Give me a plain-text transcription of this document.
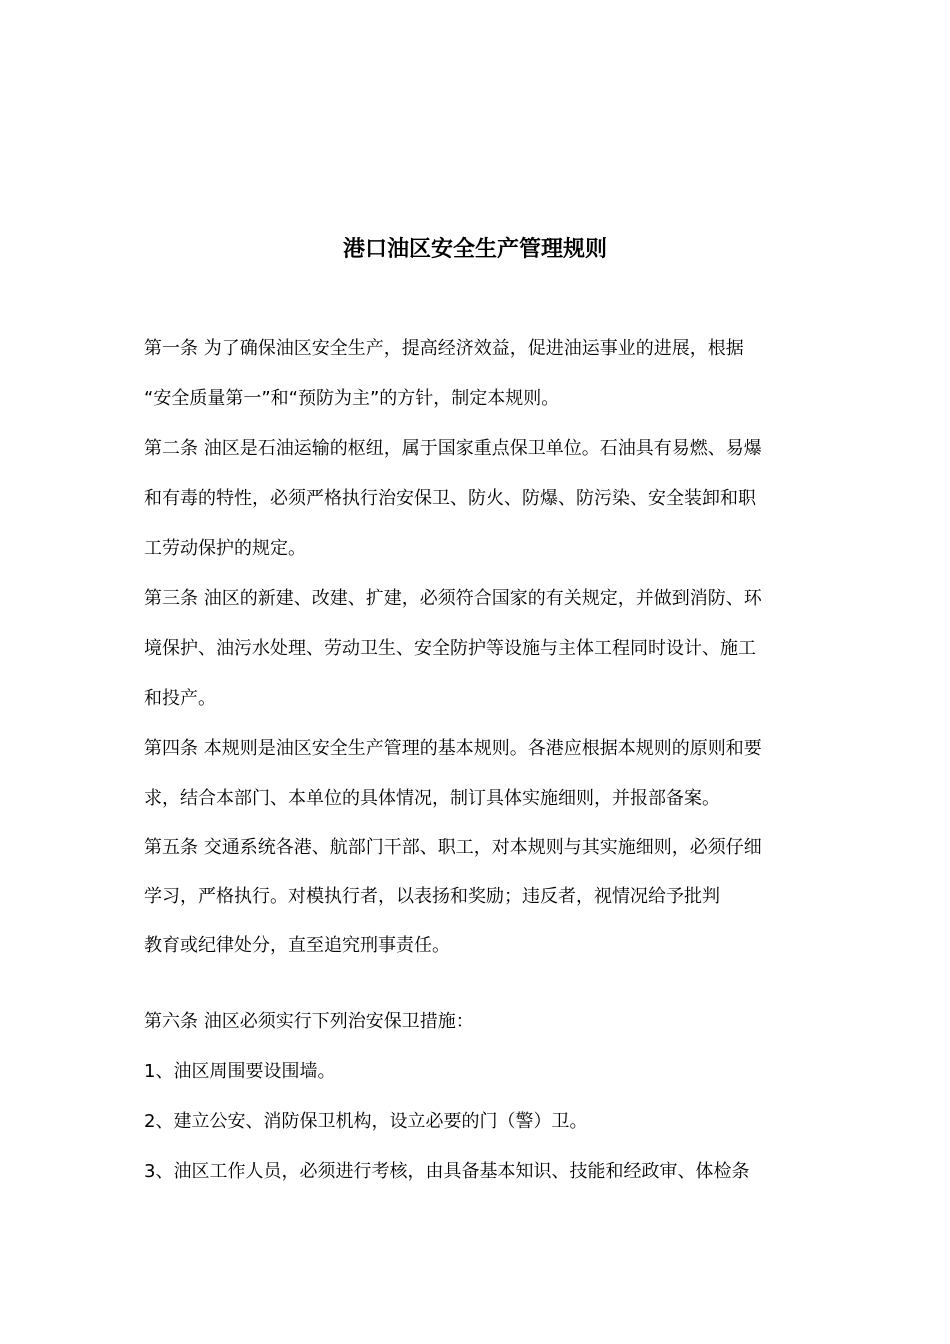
港口油区安全生产管理规则
第一条 为了确保油区安全生产，提高经济效益，促进油运事业的进展，根据
“安全质量第一”和“预防为主”的方针，制定本规则。
第二条 油区是石油运输的枢纽，属于国家重点保卫单位。石油具有易燃、易爆
和有毒的特性，必须严格执行治安保卫、防火、防爆、防污染、安全装卸和职
工劳动保护的规定。
第三条 油区的新建、改建、扩建，必须符合国家的有关规定，并做到消防、环
境保护、油污水处理、劳动卫生、安全防护等设施与主体工程同时设计、施工
和投产。
第四条 本规则是油区安全生产管理的基本规则。各港应根据本规则的原则和要
求，结合本部门、本单位的具体情况，制订具体实施细则，并报部备案。
第五条 交通系统各港、航部门干部、职工，对本规则与其实施细则，必须仔细
学习，严格执行。对模执行者，以表扬和奖励；违反者，视情况给予批判
教育或纪律处分，直至追究刑事责任。
第六条 油区必须实行下列治安保卫措施：
1、油区周围要设围墙。
2、建立公安、消防保卫机构，设立必要的门（警）卫。
3、油区工作人员，必须进行考核，由具备基本知识、技能和经政审、体检条
